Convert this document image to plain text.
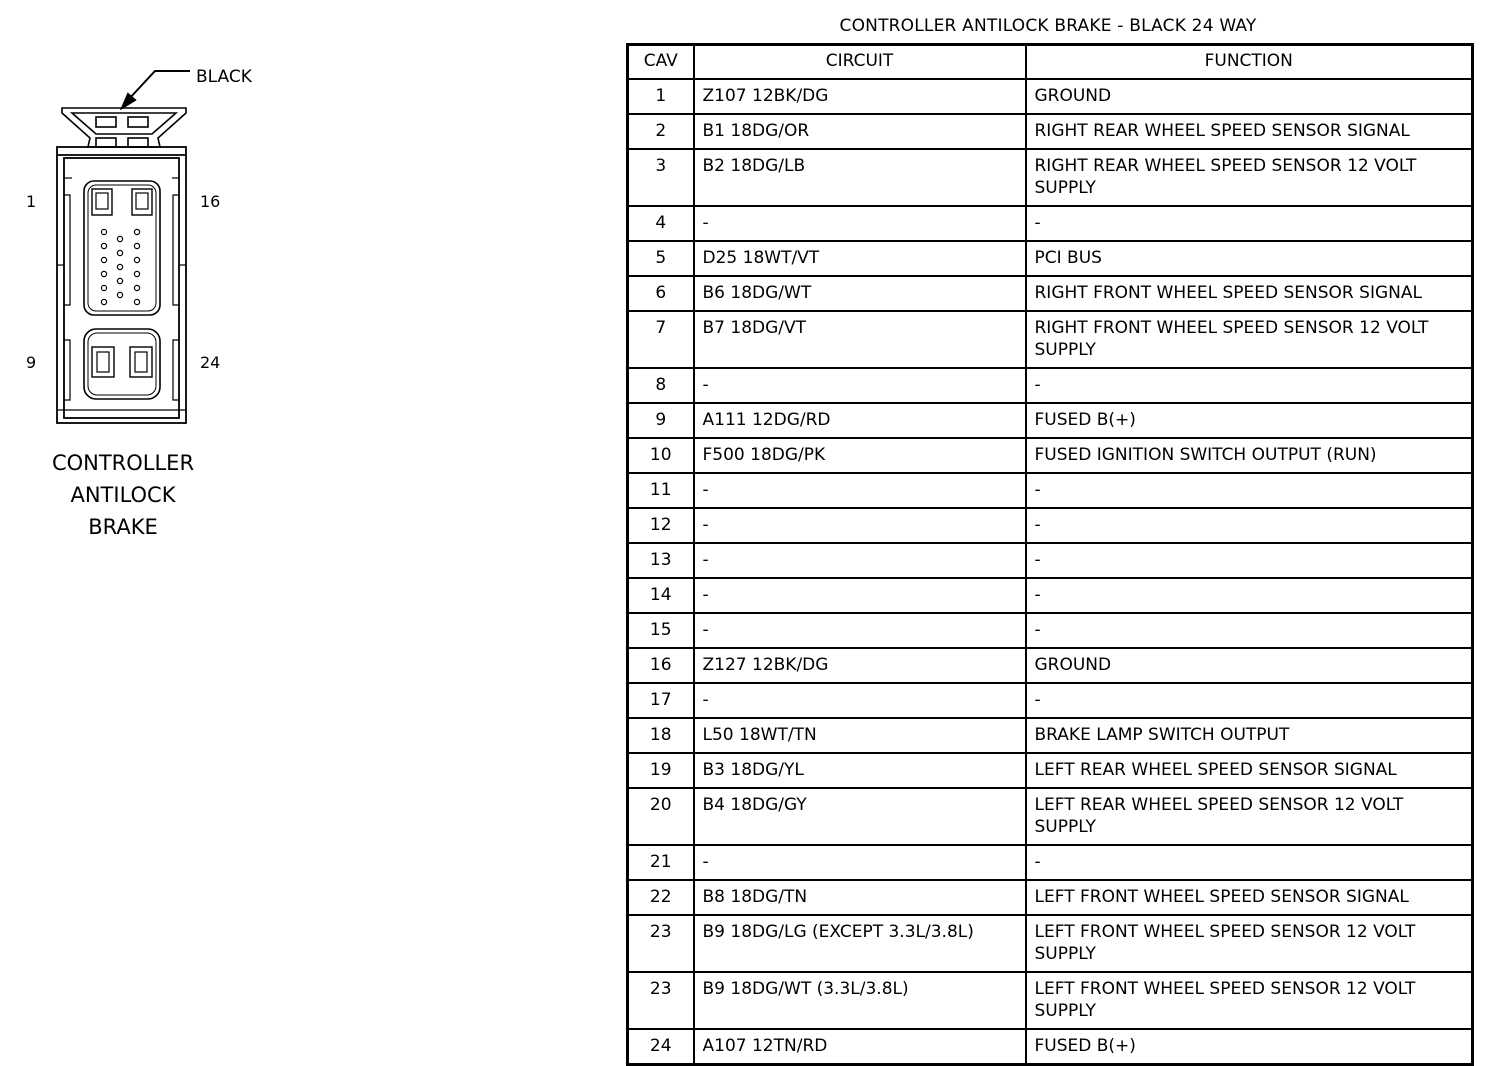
BLACK
1	16
9	24
CONTROLLER
ANTILOCK
BRAKE
CONTROLLER ANTILOCK BRAKE - BLACK 24 WAY
CAV	CIRCUIT	FUNCTION
1	Z107 12BK/DG	GROUND
2	B1 18DG/OR	RIGHT REAR WHEEL SPEED SENSOR SIGNAL
3	B2 18DG/LB	RIGHT REAR WHEEL SPEED SENSOR 12 VOLT SUPPLY
4	-	-
5	D25 18WT/VT	PCI BUS
6	B6 18DG/WT	RIGHT FRONT WHEEL SPEED SENSOR SIGNAL
7	B7 18DG/VT	RIGHT FRONT WHEEL SPEED SENSOR 12 VOLT SUPPLY
8	-	-
9	A111 12DG/RD	FUSED B(+)
10	F500 18DG/PK	FUSED IGNITION SWITCH OUTPUT (RUN)
11	-	-
12	-	-
13	-	-
14	-	-
15	-	-
16	Z127 12BK/DG	GROUND
17	-	-
18	L50 18WT/TN	BRAKE LAMP SWITCH OUTPUT
19	B3 18DG/YL	LEFT REAR WHEEL SPEED SENSOR SIGNAL
20	B4 18DG/GY	LEFT REAR WHEEL SPEED SENSOR 12 VOLT SUPPLY
21	-	-
22	B8 18DG/TN	LEFT FRONT WHEEL SPEED SENSOR SIGNAL
23	B9 18DG/LG (EXCEPT 3.3L/3.8L)	LEFT FRONT WHEEL SPEED SENSOR 12 VOLT SUPPLY
23	B9 18DG/WT (3.3L/3.8L)	LEFT FRONT WHEEL SPEED SENSOR 12 VOLT SUPPLY
24	A107 12TN/RD	FUSED B(+)
